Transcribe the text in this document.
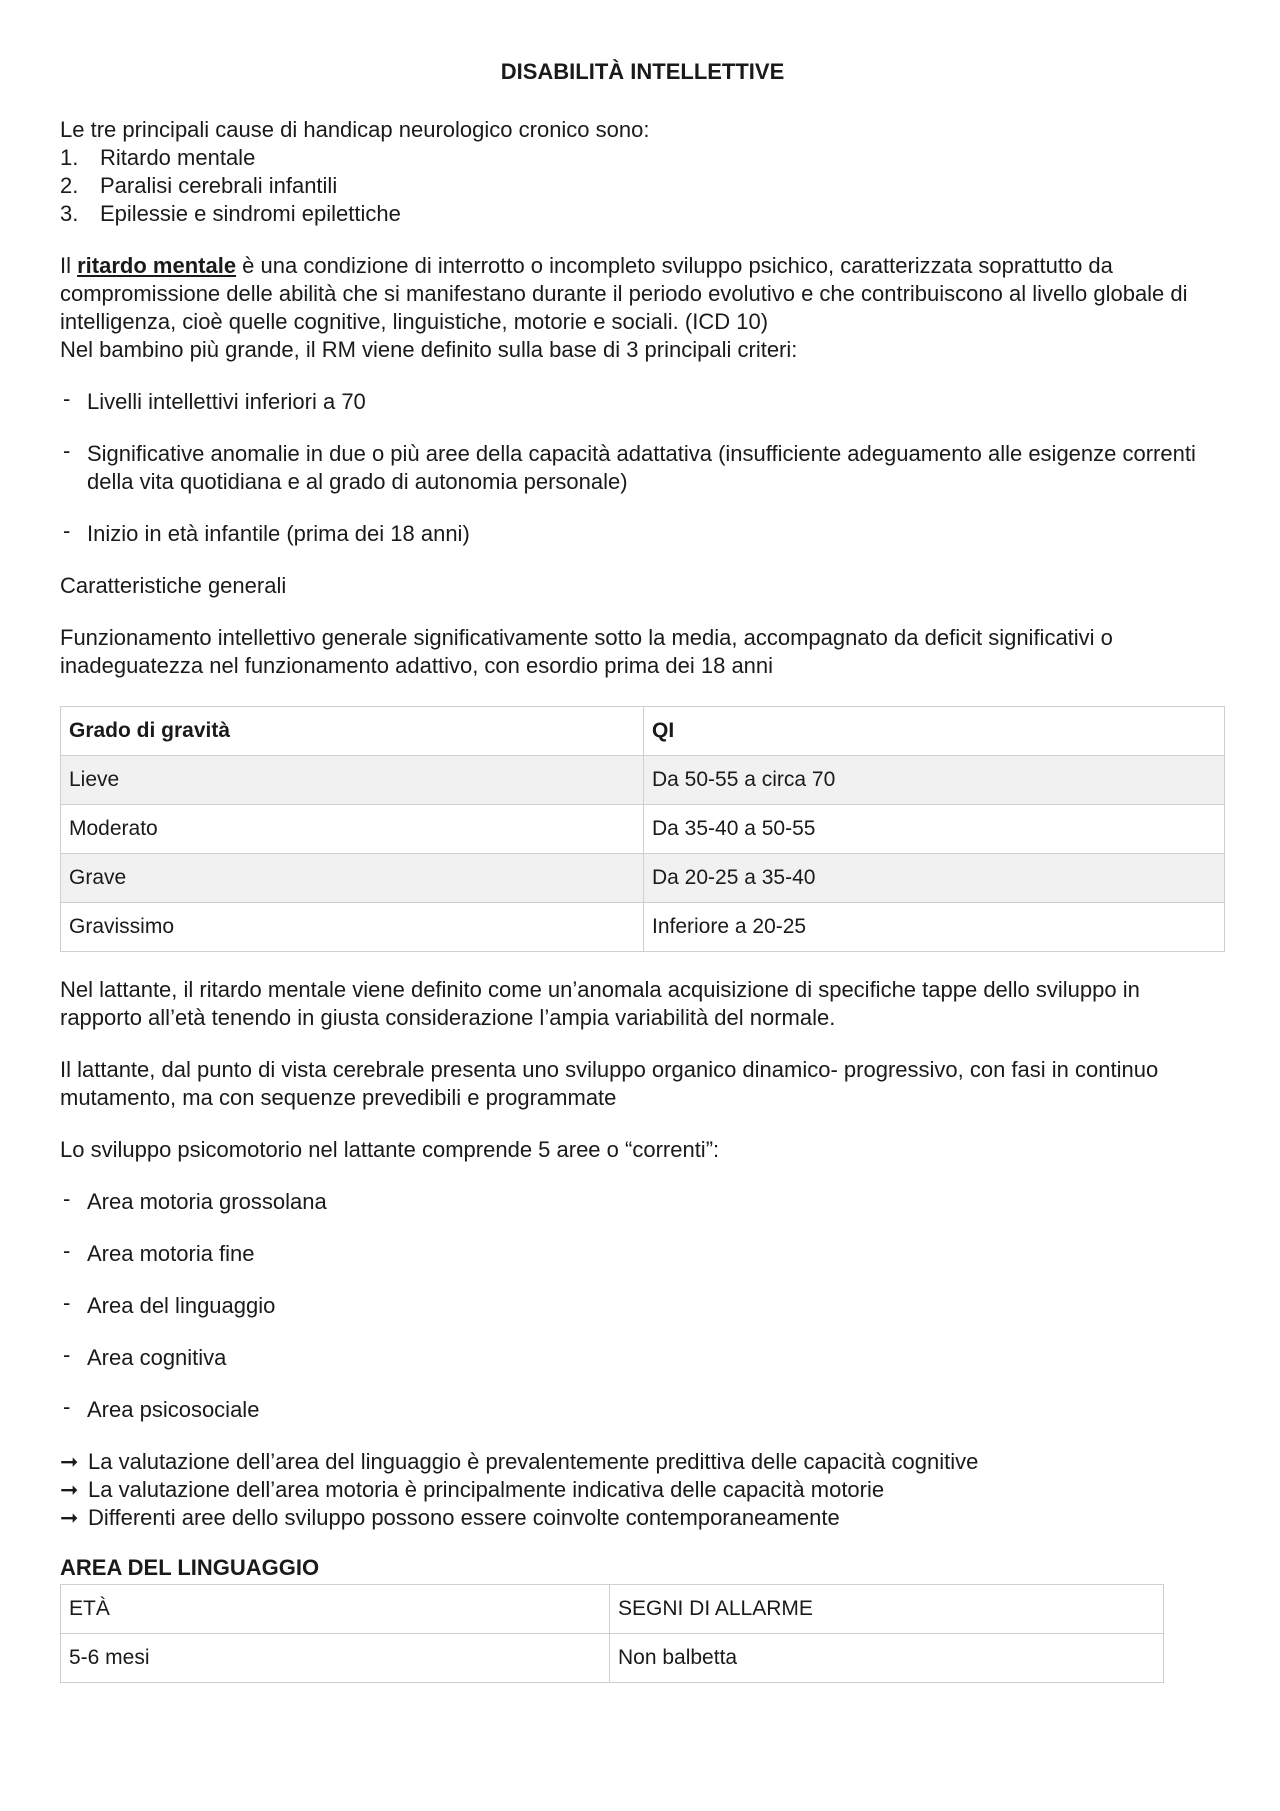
DISABILITÀ INTELLETTIVE

Le tre principali cause di handicap neurologico cronico sono:

1. Ritardo mentale
2. Paralisi cerebrali infantili
3. Epilessie e sindromi epilettiche

Il ritardo mentale è una condizione di interrotto o incompleto sviluppo psichico, caratterizzata soprattutto da compromissione delle abilità che si manifestano durante il periodo evolutivo e che contribuiscono al livello globale di intelligenza, cioè quelle cognitive, linguistiche, motorie e sociali. (ICD 10)

Nel bambino più grande, il RM viene definito sulla base di 3 principali criteri:

- Livelli intellettivi inferiori a 70
- Significative anomalie in due o più aree della capacità adattativa (insufficiente adeguamento alle esigenze correnti della vita quotidiana e al grado di autonomia personale)
- Inizio in età infantile (prima dei 18 anni)

Caratteristiche generali

Funzionamento intellettivo generale significativamente sotto la media, accompagnato da deficit significativi o inadeguatezza nel funzionamento adattivo, con esordio prima dei 18 anni

Grado di gravità	QI
Lieve	Da 50-55 a circa 70
Moderato	Da 35-40 a 50-55
Grave	Da 20-25 a 35-40
Gravissimo	Inferiore a 20-25

Nel lattante, il ritardo mentale viene definito come un’anomala acquisizione di specifiche tappe dello sviluppo in rapporto all’età tenendo in giusta considerazione l’ampia variabilità del normale.

Il lattante, dal punto di vista cerebrale presenta uno sviluppo organico dinamico- progressivo, con fasi in continuo mutamento, ma con sequenze prevedibili e programmate

Lo sviluppo psicomotorio nel lattante comprende 5 aree o “correnti”:

- Area motoria grossolana
- Area motoria fine
- Area del linguaggio
- Area cognitiva
- Area psicosociale

➞ La valutazione dell’area del linguaggio è prevalentemente predittiva delle capacità cognitive

➞ La valutazione dell’area motoria è principalmente indicativa delle capacità motorie

➞ Differenti aree dello sviluppo possono essere coinvolte contemporaneamente

AREA DEL LINGUAGGIO
ETÀ	SEGNI DI ALLARME
5-6 mesi	Non balbetta
